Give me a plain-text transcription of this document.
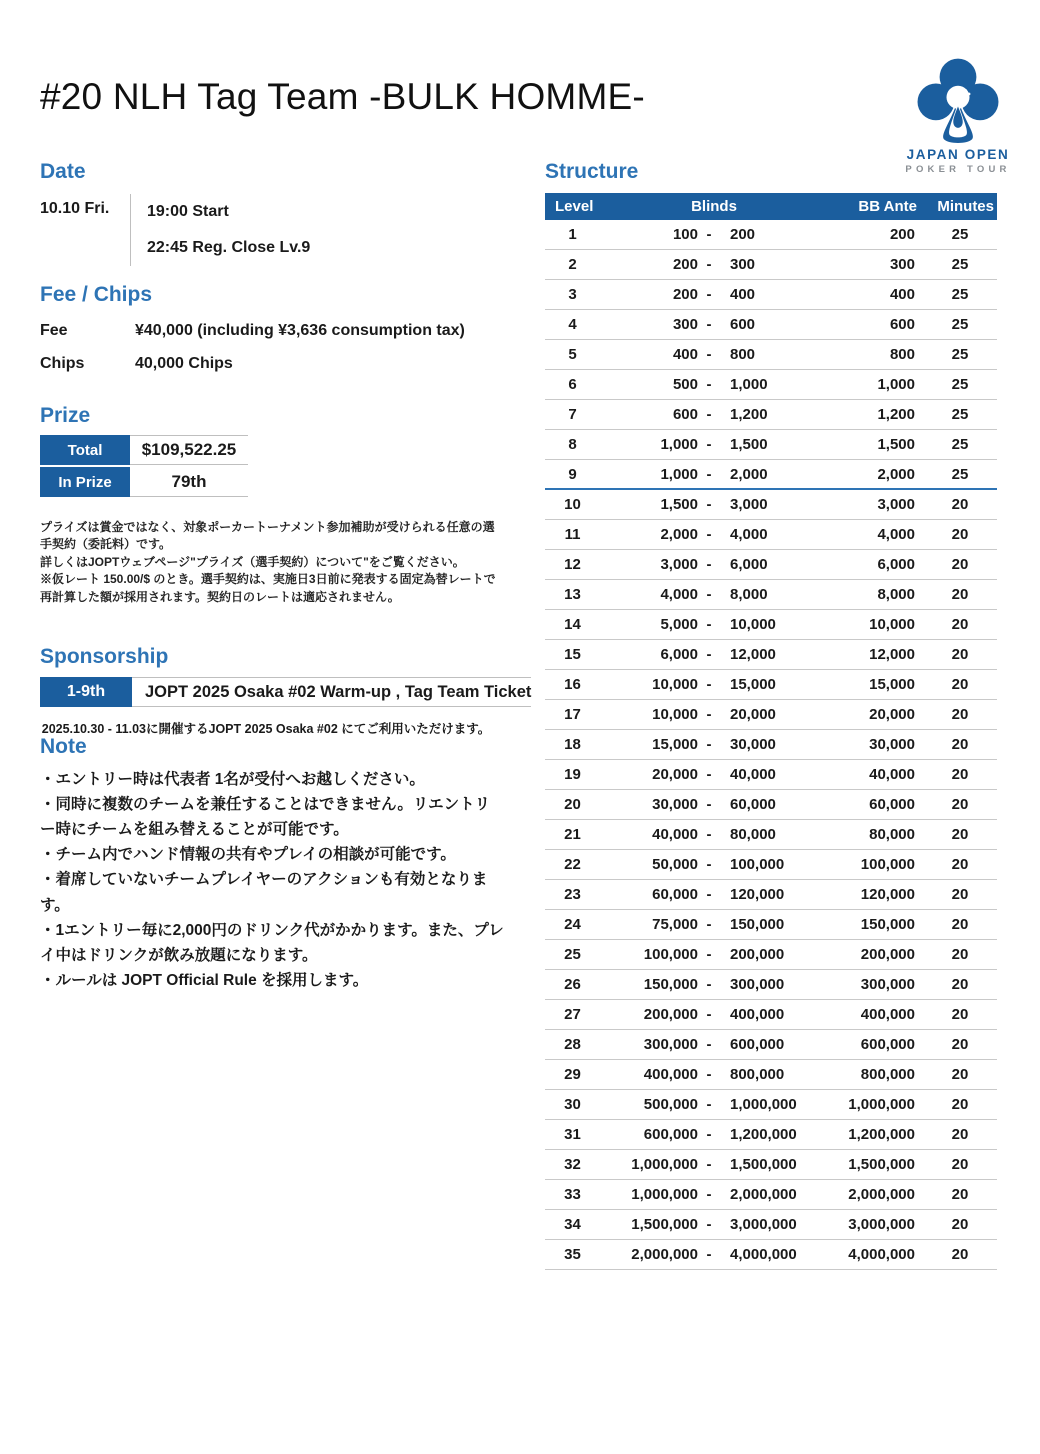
#20 NLH Tag Team -BULK HOMME-
JAPAN OPEN
POKER TOUR
Date
10.10 Fri.	19:00 Start
22:45 Reg. Close Lv.9
Fee / Chips
Fee	¥40,000 (including ¥3,636 consumption tax)
Chips	40,000 Chips
Prize
Total	$109,522.25
In Prize	79th
プライズは賞金ではなく、対象ポーカートーナメント参加補助が受けられる任意の選手契約（委託料）です。
詳しくはJOPTウェブページ"プライズ（選手契約）について"をご覧ください。
※仮レート 150.00/$ のとき。選手契約は、実施日3日前に発表する固定為替レートで再計算した額が採用されます。契約日のレートは適応されません。
Sponsorship
1-9th	JOPT 2025 Osaka #02 Warm-up , Tag Team Ticket
2025.10.30 - 11.03に開催するJOPT 2025 Osaka #02 にてご利用いただけます。
Note
・エントリー時は代表者 1名が受付へお越しください。
・同時に複数のチームを兼任することはできません。リエントリー時にチームを組み替えることが可能です。
・チーム内でハンド情報の共有やプレイの相談が可能です。
・着席していないチームプレイヤーのアクションも有効となります。
・1エントリー毎に2,000円のドリンク代がかかります。また、プレイ中はドリンクが飲み放題になります。
・ルールは JOPT Official Rule を採用します。
Structure
Level	Blinds	BB Ante	Minutes
1	100 -	200	200	25
2	200 -	300	300	25
3	200 -	400	400	25
4	300 -	600	600	25
5	400 -	800	800	25
6	500 -	1,000	1,000	25
7	600 -	1,200	1,200	25
8	1,000 -	1,500	1,500	25
9	1,000 -	2,000	2,000	25
10	1,500 -	3,000	3,000	20
11	2,000 -	4,000	4,000	20
12	3,000 -	6,000	6,000	20
13	4,000 -	8,000	8,000	20
14	5,000 -	10,000	10,000	20
15	6,000 -	12,000	12,000	20
16	10,000 -	15,000	15,000	20
17	10,000 -	20,000	20,000	20
18	15,000 -	30,000	30,000	20
19	20,000 -	40,000	40,000	20
20	30,000 -	60,000	60,000	20
21	40,000 -	80,000	80,000	20
22	50,000 -	100,000	100,000	20
23	60,000 -	120,000	120,000	20
24	75,000 -	150,000	150,000	20
25	100,000 -	200,000	200,000	20
26	150,000 -	300,000	300,000	20
27	200,000 -	400,000	400,000	20
28	300,000 -	600,000	600,000	20
29	400,000 -	800,000	800,000	20
30	500,000 -	1,000,000	1,000,000	20
31	600,000 -	1,200,000	1,200,000	20
32	1,000,000 -	1,500,000	1,500,000	20
33	1,000,000 -	2,000,000	2,000,000	20
34	1,500,000 -	3,000,000	3,000,000	20
35	2,000,000 -	4,000,000	4,000,000	20
